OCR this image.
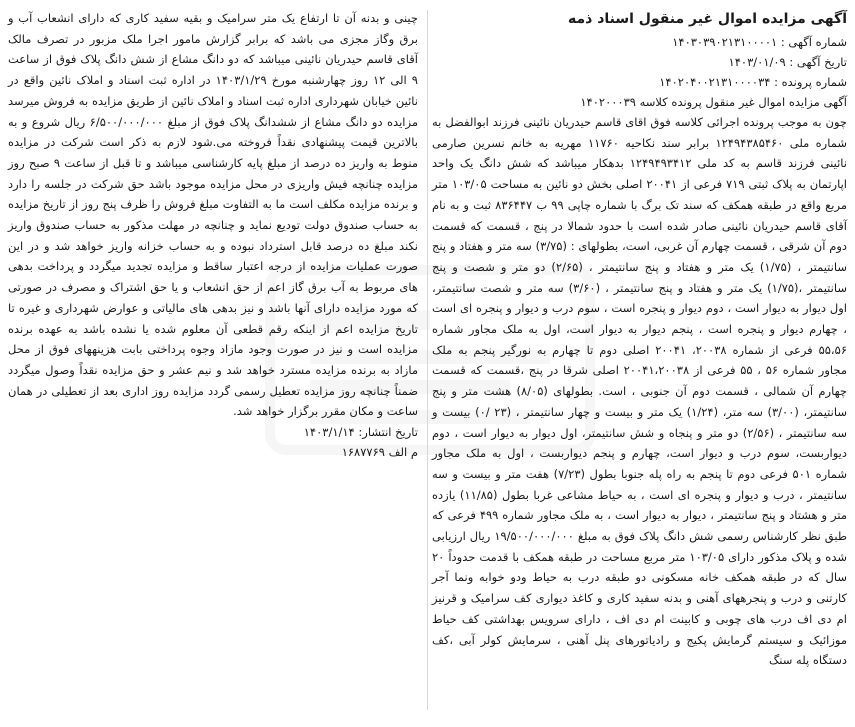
آگهی مزایده اموال غیر منقول اسناد ذمه

شماره آگهی : ۱۴۰۳۰۳۹۰۲۱۳۱۰۰۰۰۱

تاریخ آگهی : ۱۴۰۳/۰۱/۰۹

شماره پرونده : ۱۴۰۲۰۴۰۰۲۱۳۱۰۰۰۰۳۴

آگهی مزایده اموال غیر منقول پرونده کلاسه ۱۴۰۲۰۰۰۳۹

چون به موجب پرونده اجرائی کلاسه فوق اقای قاسم حیدریان نائینی فرزند ابوالفضل به شماره ملی ۱۲۴۹۴۳۸۵۴۶۰ برابر سند نکاحیه ۱۱۷۶۰ مهریه به خانم نسرین صارمی نائینی فرزند قاسم به کد ملی ۱۲۴۹۴۹۳۴۱۲ بدهکار میباشد که شش دانگ یک واحد اپارتمان به پلاک ثبتی ۷۱۹ فرعی از ۲۰۰۴۱ اصلی بخش دو نائین به مساحت ۱۰۳/۰۵ متر مربع واقع در طبقه همکف که سند تک برگ با شماره چاپی ۹۹ ب ۸۳۶۴۴۷ ثبت و به نام آقای قاسم حیدریان نائینی صادر شده است با حدود شمالا در پنج ، قسمت که قسمت دوم آن شرقی ، قسمت چهارم آن غربی، است، بطولهای : (۳/۷۵) سه متر و هفتاد و پنج سانتیمتر ، (۱/۷۵) یک متر و هفتاد و پنج سانتیمتر ، (۲/۶۵) دو متر و شصت و پنج سانتیمتر ،(۱/۷۵) یک متر و هفتاد و پنج سانتیمتر ، (۳/۶۰) سه متر و شصت سانتیمتر، اول دیوار به دیوار است ، دوم دیوار و پنجره است ، سوم درب و دیوار و پنجره ای است ، چهارم دیوار و پنجره است ، پنجم دیوار به دیوار است، اول به ملک مجاور شماره ۵۵،۵۶ فرعی از شماره ۲۰۰۳۸، ۲۰۰۴۱ اصلی دوم تا چهارم به نورگیر پنجم به ملک مجاور شماره ۵۶ ، ۵۵ فرعی از ۲۰۰۴۱،۲۰۰۳۸ اصلی شرقا در پنج ،قسمت که قسمت چهارم آن شمالی ، قسمت دوم آن جنوبی ، است. بطولهای (۸/۰۵) هشت متر و پنج سانتیمتر، (۳/۰۰) سه متر، (۱/۲۴) یک متر و بیست و چهار سانتیمتر ، (۲۳ /۰) بیست و سه سانتیمتر ، (۲/۵۶) دو متر و پنجاه و شش سانتیمتر، اول دیوار به دیوار است ، دوم دیواربست، سوم درب و دیوار است، چهارم و پنجم دیواربست ، اول به ملک مجاور شماره ۵۰۱ فرعی دوم تا پنجم به راه پله جنوبا بطول (۷/۲۳) هفت متر و بیست و سه سانتیمتر ، درب و دیوار و پنجره ای است ، به حیاط مشاعی غربا بطول (۱۱/۸۵) یازده متر و هشتاد و پنج سانتیمتر ، دیوار به دیوار است ، به ملک مجاور شماره ۴۹۹ فرعی که طبق نظر کارشناس رسمی شش دانگ پلاک فوق به مبلغ ۱۹/۵۰۰/۰۰۰/۰۰۰ ریال ارزیابی شده و پلاک مذکور دارای ۱۰۳/۰۵ متر مربع مساحت در طبقه همکف با قدمت حدوداً ۲۰ سال که در طبقه همکف خانه مسکونی دو طبقه درب به حیاط ودو خوابه ونما آجر کارتنی و درب و پنجرههای آهنی و بدنه سفید کاری و کاغذ دیواری کف سرامیک و قرنیز ام دی اف درب های چوبی و کابینت ام دی اف ، دارای سرویس بهداشتی کف حیاط موزائیک و سیستم گرمایش پکیج و رادیاتورهای پنل آهنی ، سرمایش کولر آبی ،کف دستگاه پله سنگ

چینی و بدنه آن تا ارتفاع یک متر سرامیک و بقیه سفید کاری که دارای انشعاب آب و برق وگاز مجزی می باشد که برابر گزارش مامور اجرا ملک مزبور در تصرف مالک آقای قاسم حیدریان نائینی میباشد که دو دانگ مشاع از شش دانگ پلاک فوق از ساعت ۹ الی ۱۲ روز چهارشنبه مورخ ۱۴۰۳/۱/۲۹ در اداره ثبت اسناد و املاک نائین واقع در نائین خیابان شهرداری اداره ثبت اسناد و املاک نائین از طریق مزایده به فروش میرسد مزایده دو دانگ مشاع از ششدانگ پلاک فوق از مبلغ ۶/۵۰۰/۰۰۰/۰۰۰ ریال شروع و به بالاترین قیمت پیشنهادی نقداً فروخته می.شود لازم به ذکر است شرکت در مزایده منوط به واریز ده درصد از مبلغ پایه کارشناسی میباشد و تا قبل از ساعت ۹ صبح روز مزایده چنانچه فیش واریزی در محل مزایده موجود باشد حق شرکت در جلسه را دارد و برنده مزایده مکلف است ما به التفاوت مبلغ فروش را ظرف پنج روز از تاریخ مزایده به حساب صندوق دولت تودیع نماید و چنانچه در مهلت مذکور به حساب صندوق واریز نکند مبلغ ده درصد قابل استرداد نبوده و به حساب خزانه واریز خواهد شد و در این صورت عملیات مزایده از درجه اعتبار ساقط و مزایده تجدید میگردد و پرداخت بدهی های مربوط به آب برق گاز اعم از حق انشعاب و یا حق اشتراک و مصرف در صورتی که مورد مزایده دارای آنها باشد و نیز بدهی های مالیاتی و عوارض شهرداری و غیره تا تاریخ مزایده اعم از اینکه رقم قطعی آن معلوم شده یا نشده باشد به عهده برنده مزایده است و نیز در صورت وجود مازاد وجوه پرداختی بابت هزینههای فوق از محل مازاد به برنده مزایده مسترد خواهد شد و نیم عشر و حق مزایده نقداً وصول میگردد ضمناً چنانچه روز مزایده تعطیل رسمی گردد مزایده روز اداری بعد از تعطیلی در همان ساعت و مکان مقرر برگزار خواهد شد.

تاریخ انتشار: ۱۴۰۳/۱/۱۴

م الف ۱۶۸۷۷۶۹
